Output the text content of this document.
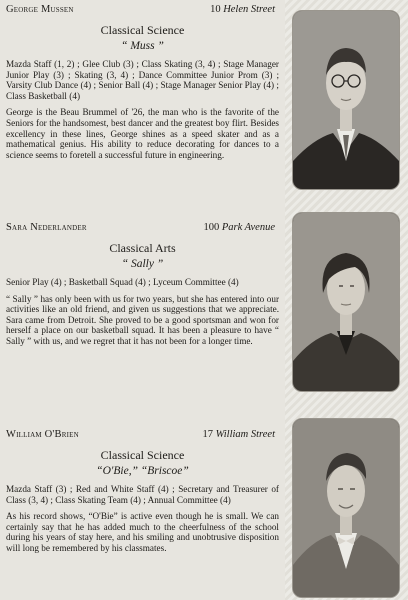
George Mussen	10 Helen Street
Classical Science
“ Muss ”
Mazda Staff (1, 2) ; Glee Club (3) ; Class Skating (3, 4) ; Stage Manager Junior Play (3) ; Skating (3, 4) ; Dance Committee Junior Prom (3) ; Varsity Club Dance (4) ; Senior Ball (4) ; Stage Manager Senior Play (4) ; Class Basketball (4)
George is the Beau Brummel of '26, the man who is the favorite of the Seniors for the handsomest, best dancer and the greatest boy flirt. Besides excellency in these lines, George shines as a speed skater and as a mathematical genius. His ability to reduce decorating for dances to a science seems to foretell a successful future in engineering.
Sara Nederlander	100 Park Avenue
Classical Arts
“ Sally ”
Senior Play (4) ; Basketball Squad (4) ; Lyceum Committee (4)
“ Sally ” has only been with us for two years, but she has entered into our activities like an old friend, and given us suggestions that we appreciate. Sara came from Detroit. She proved to be a good sportsman and won for herself a place on our basketball squad. It has been a pleasure to have “ Sally ” with us, and we regret that it has not been for a longer time.
William O'Brien	17 William Street
Classical Science
“O'Bie,” “Briscoe”
Mazda Staff (3) ; Red and White Staff (4) ; Secretary and Treasurer of Class (3, 4) ; Class Skating Team (4) ; Annual Committee (4)
As his record shows, “O'Bie” is active even though he is small. We can certainly say that he has added much to the cheerfulness of the school during his years of stay here, and his smiling and unobtrusive disposition will long be remembered by his classmates.
